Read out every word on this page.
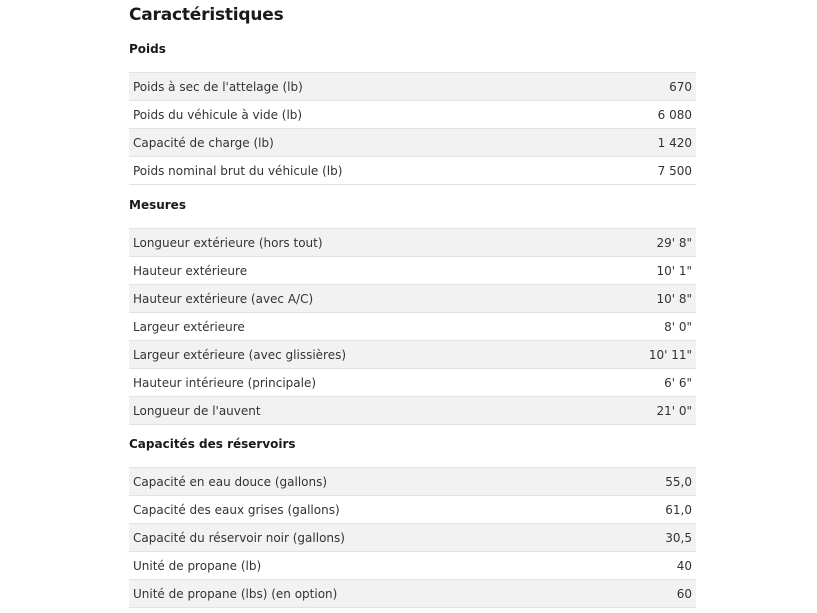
Caractéristiques
Poids
Poids à sec de l'attelage (lb)	670
Poids du véhicule à vide (lb)	6 080
Capacité de charge (lb)	1 420
Poids nominal brut du véhicule (lb)	7 500
Mesures
Longueur extérieure (hors tout)	29' 8"
Hauteur extérieure	10' 1"
Hauteur extérieure (avec A/C)	10' 8"
Largeur extérieure	8' 0"
Largeur extérieure (avec glissières)	10' 11"
Hauteur intérieure (principale)	6' 6"
Longueur de l'auvent	21' 0"
Capacités des réservoirs
Capacité en eau douce (gallons)	55,0
Capacité des eaux grises (gallons)	61,0
Capacité du réservoir noir (gallons)	30,5
Unité de propane (lb)	40
Unité de propane (lbs) (en option)	60
